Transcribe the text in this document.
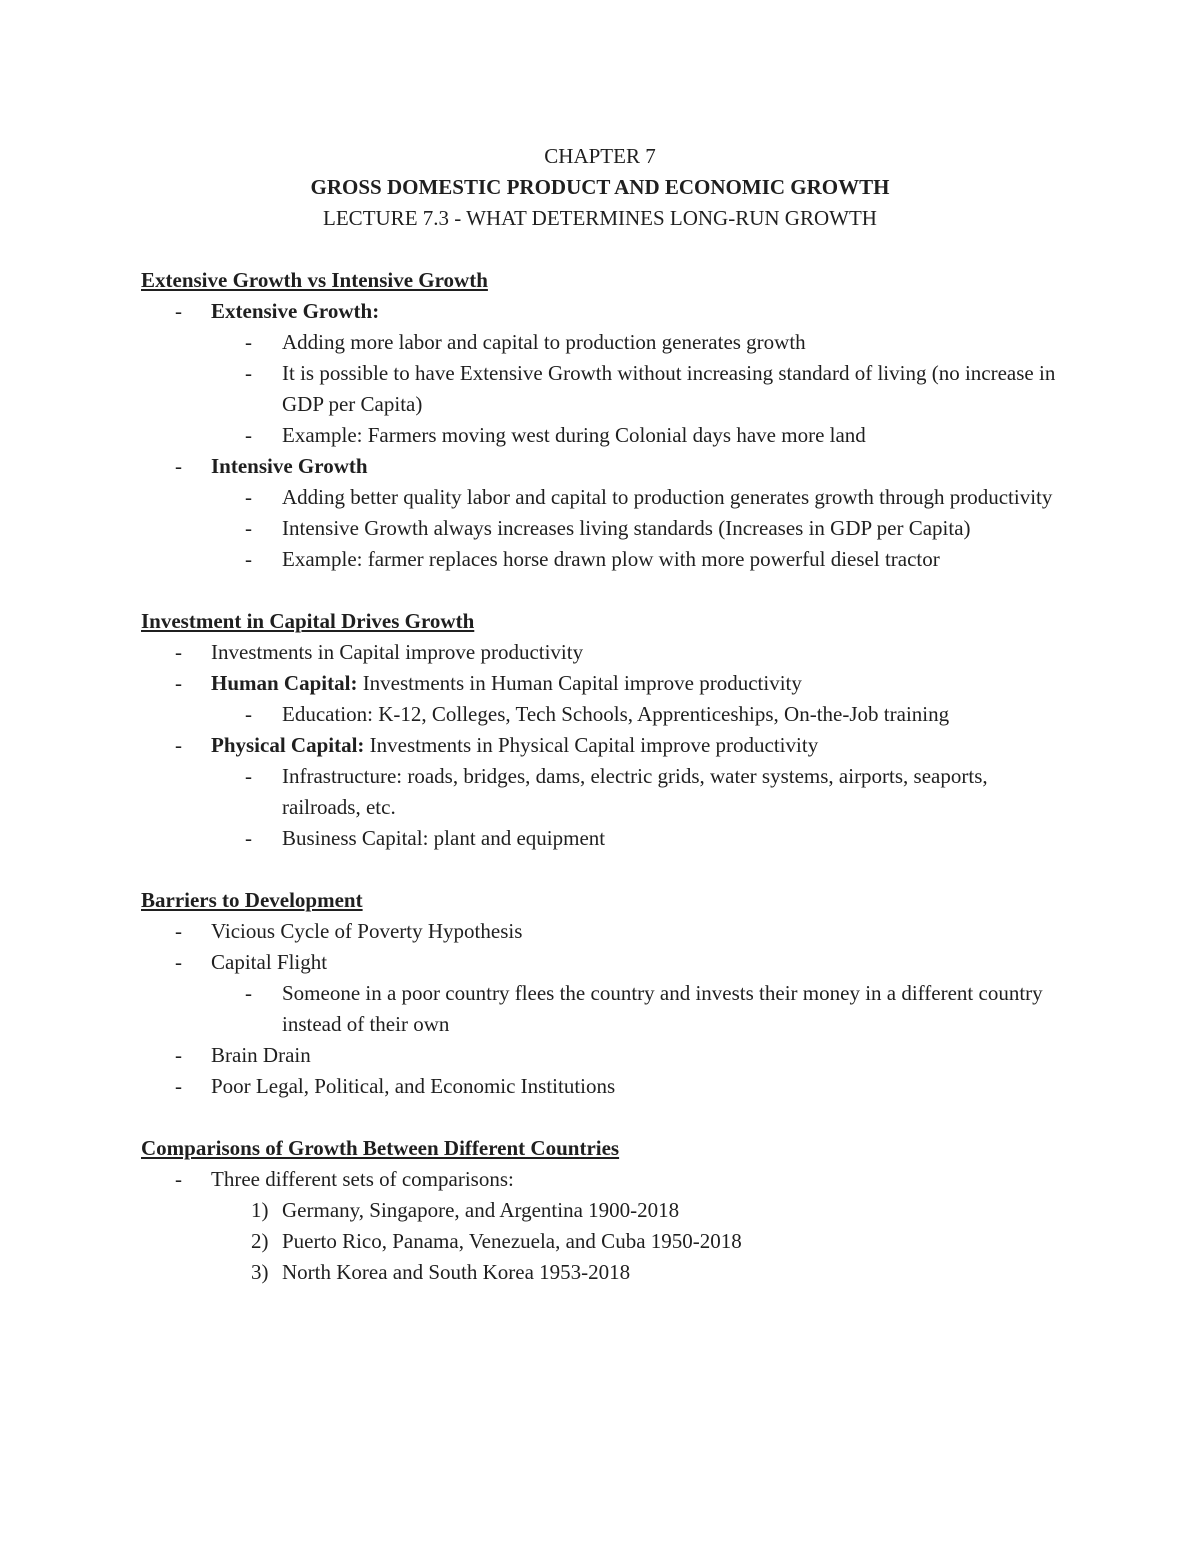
CHAPTER 7
GROSS DOMESTIC PRODUCT AND ECONOMIC GROWTH
LECTURE 7.3 - WHAT DETERMINES LONG-RUN GROWTH
Extensive Growth vs Intensive Growth
- Extensive Growth:
- Adding more labor and capital to production generates growth
- It is possible to have Extensive Growth without increasing standard of living (no increase in GDP per Capita)
- Example: Farmers moving west during Colonial days have more land
- Intensive Growth
- Adding better quality labor and capital to production generates growth through productivity
- Intensive Growth always increases living standards (Increases in GDP per Capita)
- Example: farmer replaces horse drawn plow with more powerful diesel tractor
Investment in Capital Drives Growth
- Investments in Capital improve productivity
- Human Capital: Investments in Human Capital improve productivity
- Education: K-12, Colleges, Tech Schools, Apprenticeships, On-the-Job training
- Physical Capital: Investments in Physical Capital improve productivity
- Infrastructure: roads, bridges, dams, electric grids, water systems, airports, seaports, railroads, etc.
- Business Capital: plant and equipment
Barriers to Development
- Vicious Cycle of Poverty Hypothesis
- Capital Flight
- Someone in a poor country flees the country and invests their money in a different country instead of their own
- Brain Drain
- Poor Legal, Political, and Economic Institutions
Comparisons of Growth Between Different Countries
- Three different sets of comparisons:
1) Germany, Singapore, and Argentina 1900-2018
2) Puerto Rico, Panama, Venezuela, and Cuba 1950-2018
3) North Korea and South Korea 1953-2018
